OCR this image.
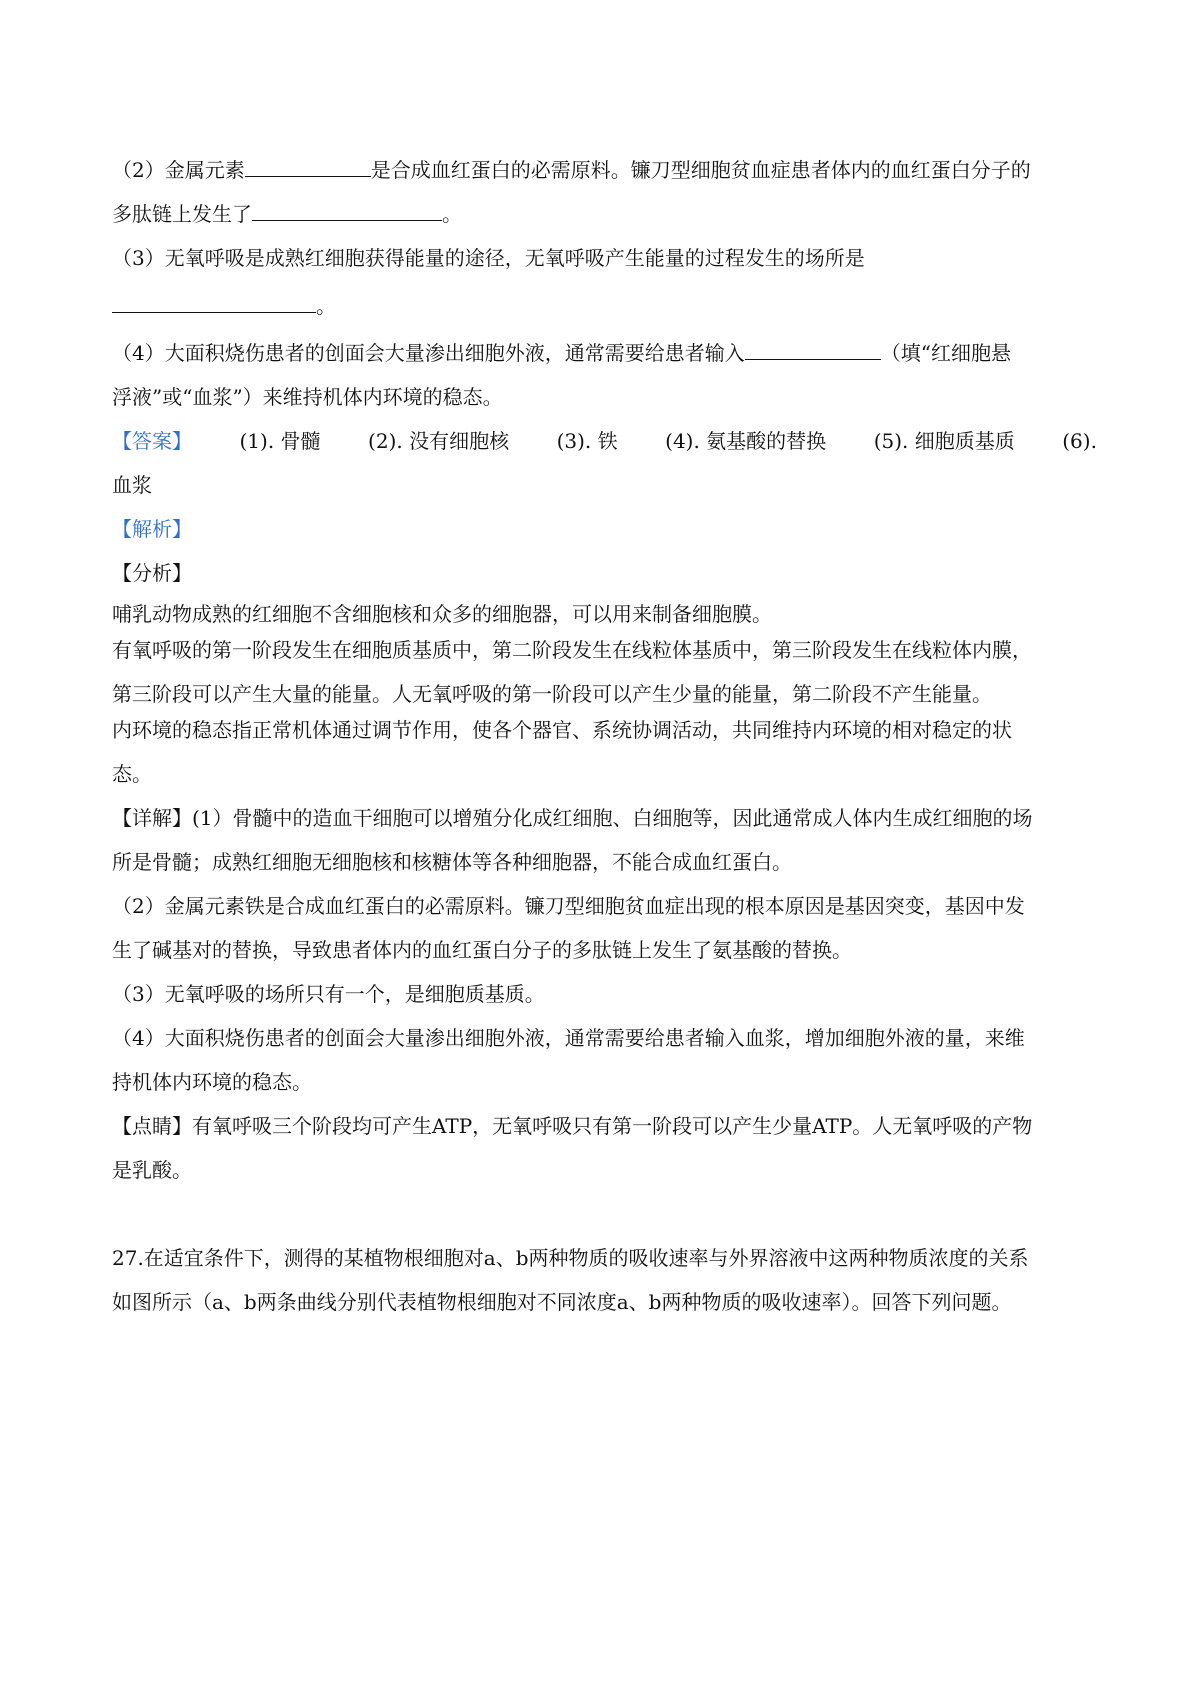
（2）金属元素	是合成血红蛋白的必需原料。镰刀型细胞贫血症患者体内的血红蛋白分子的

多肽链上发生了	。

（3）无氧呼吸是成熟红细胞获得能量的途径，无氧呼吸产生能量的过程发生的场所是

。

（4）大面积烧伤患者的创面会大量渗出细胞外液，通常需要给患者输入	（填“红细胞悬

浮液”或“血浆”）来维持机体内环境的稳态。

【答案】 (1). 骨髓 (2). 没有细胞核 (3). 铁 (4). 氨基酸的替换 (5). 细胞质基质 (6).

血浆

【解析】

【分析】

哺乳动物成熟的红细胞不含细胞核和众多的细胞器，可以用来制备细胞膜。

有氧呼吸的第一阶段发生在细胞质基质中，第二阶段发生在线粒体基质中，第三阶段发生在线粒体内膜，

第三阶段可以产生大量的能量。人无氧呼吸的第一阶段可以产生少量的能量，第二阶段不产生能量。

内环境的稳态指正常机体通过调节作用，使各个器官、系统协调活动，共同维持内环境的相对稳定的状

态。

【详解】(1）骨髓中的造血干细胞可以增殖分化成红细胞、白细胞等，因此通常成人体内生成红细胞的场

所是骨髓；成熟红细胞无细胞核和核糖体等各种细胞器，不能合成血红蛋白。

（2）金属元素铁是合成血红蛋白的必需原料。镰刀型细胞贫血症出现的根本原因是基因突变，基因中发

生了碱基对的替换，导致患者体内的血红蛋白分子的多肽链上发生了氨基酸的替换。

（3）无氧呼吸的场所只有一个，是细胞质基质。

（4）大面积烧伤患者的创面会大量渗出细胞外液，通常需要给患者输入血浆，增加细胞外液的量，来维

持机体内环境的稳态。

【点睛】有氧呼吸三个阶段均可产生ATP，无氧呼吸只有第一阶段可以产生少量ATP。人无氧呼吸的产物

是乳酸。

27.在适宜条件下，测得的某植物根细胞对a、b两种物质的吸收速率与外界溶液中这两种物质浓度的关系

如图所示（a、b两条曲线分别代表植物根细胞对不同浓度a、b两种物质的吸收速率）。回答下列问题。
